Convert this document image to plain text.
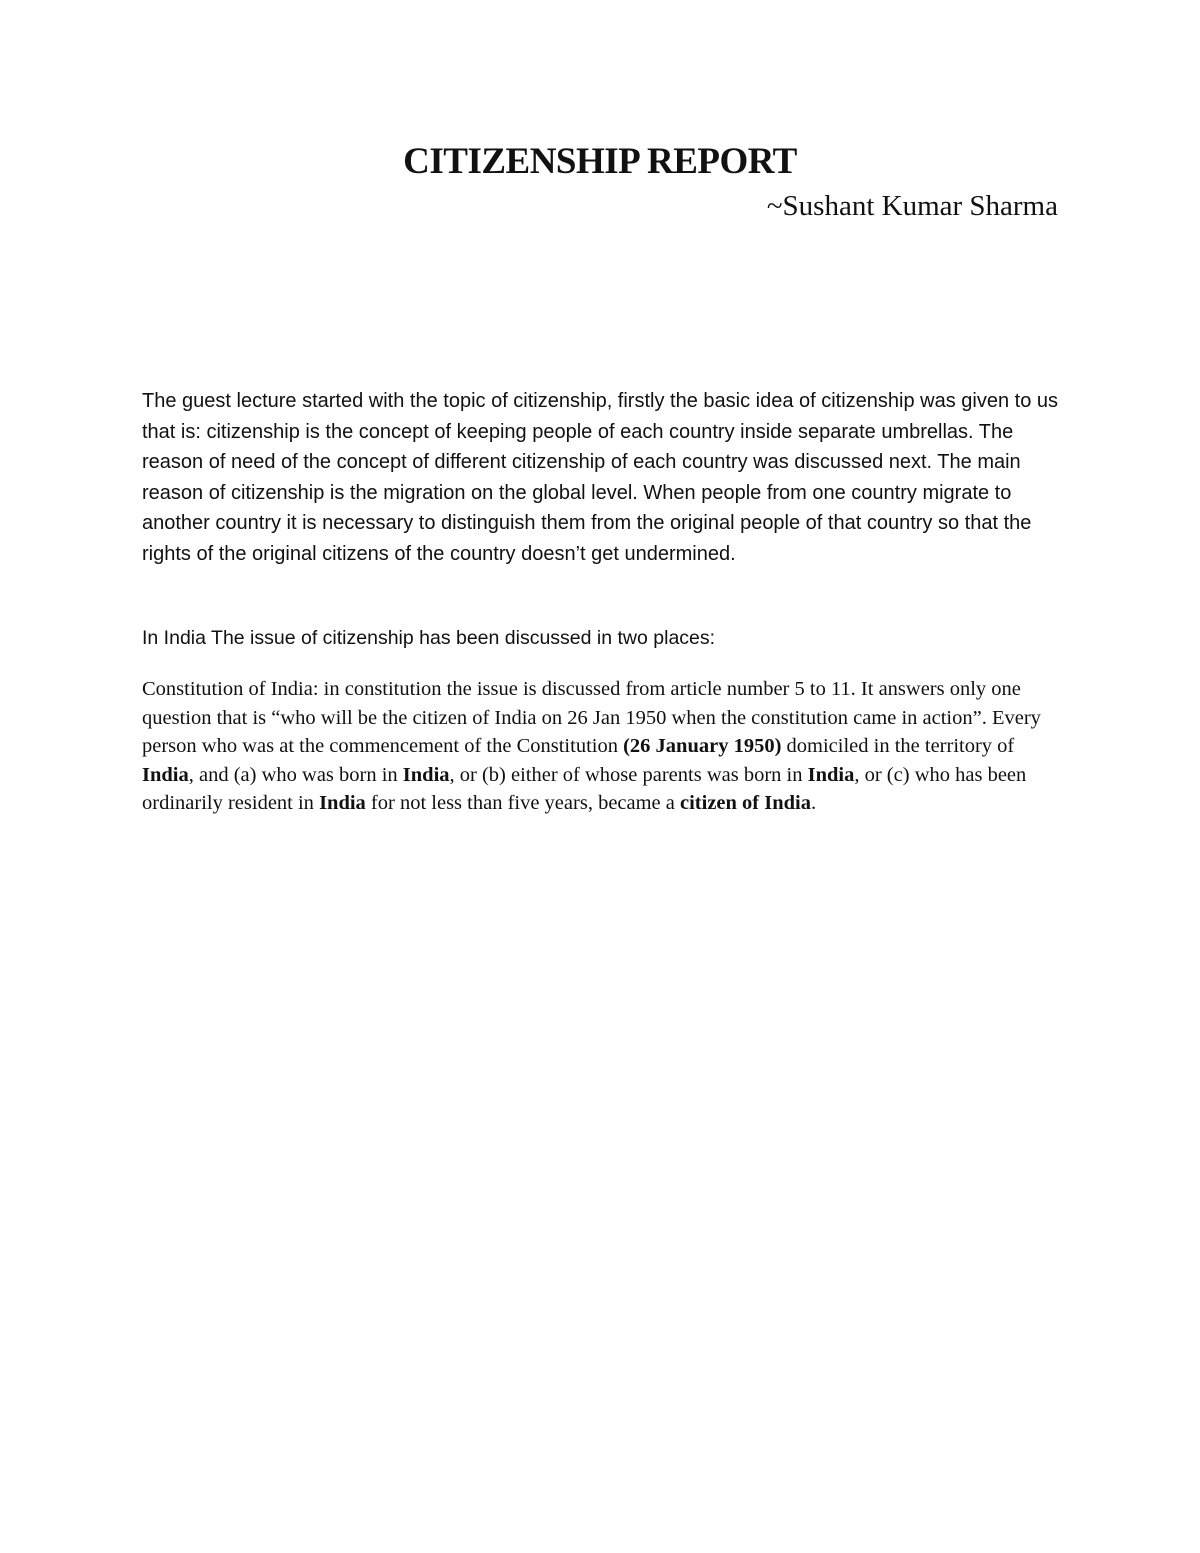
CITIZENSHIP REPORT

~Sushant Kumar Sharma

The guest lecture started with the topic of citizenship, firstly the basic idea of citizenship was given to us that is: citizenship is the concept of keeping people of each country inside separate umbrellas. The reason of need of the concept of different citizenship of each country was discussed next. The main reason of citizenship is the migration on the global level. When people from one country migrate to another country it is necessary to distinguish them from the original people of that country so that the rights of the original citizens of the country doesn’t get undermined.

In India The issue of citizenship has been discussed in two places:

Constitution of India: in constitution the issue is discussed from article number 5 to 11. It answers only one question that is “who will be the citizen of India on 26 Jan 1950 when the constitution came in action”. Every person who was at the commencement of the Constitution (26 January 1950) domiciled in the territory of India, and (a) who was born in India, or (b) either of whose parents was born in India, or (c) who has been ordinarily resident in India for not less than five years, became a citizen of India.
